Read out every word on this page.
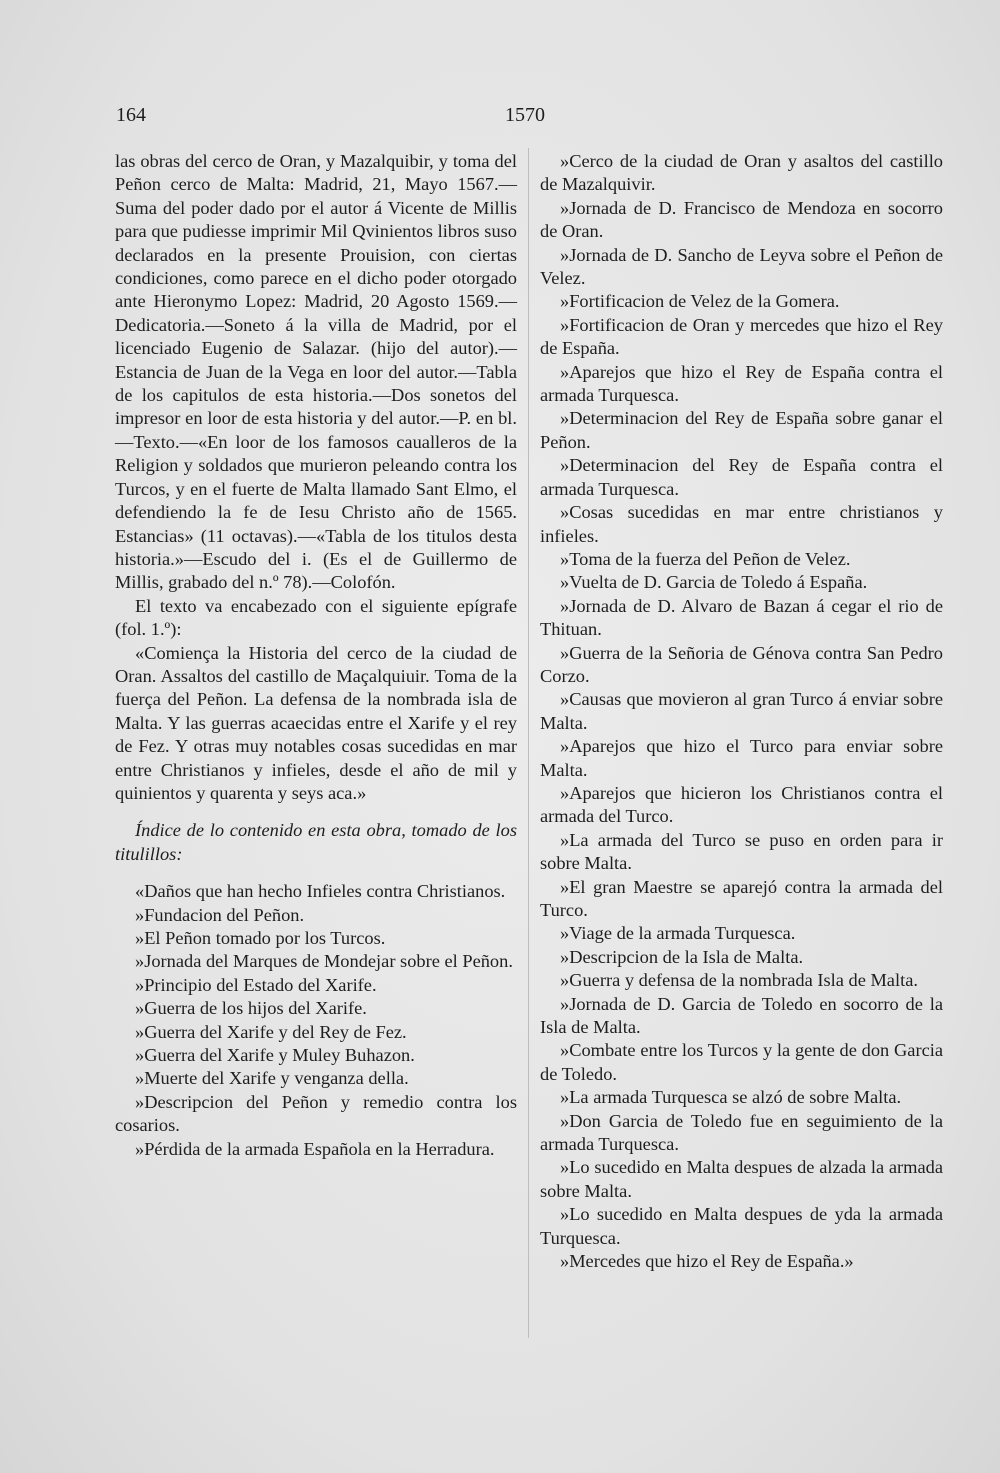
164	1570

las obras del cerco de Oran, y Mazalquibir, y toma del Peñon cerco de Malta: Madrid, 21, Mayo 1567.—Suma del poder dado por el autor á Vicente de Millis para que pudiesse imprimir Mil Qvinientos libros suso declarados en la presente Prouision, con ciertas condiciones, como parece en el dicho poder otorgado ante Hieronymo Lopez: Madrid, 20 Agosto 1569.—Dedicatoria.—Soneto á la villa de Madrid, por el licenciado Eugenio de Salazar. (hijo del autor).—Estancia de Juan de la Vega en loor del autor.—Tabla de los capitulos de esta historia.—Dos sonetos del impresor en loor de esta historia y del autor.—P. en bl.—Texto.—«En loor de los famosos caualleros de la Religion y soldados que murieron peleando contra los Turcos, y en el fuerte de Malta llamado Sant Elmo, el defendiendo la fe de Iesu Christo año de 1565. Estancias» (11 octavas).—«Tabla de los titulos desta historia.»—Escudo del i. (Es el de Guillermo de Millis, grabado del n.º 78).—Colofón.

El texto va encabezado con el siguiente epígrafe (fol. 1.º):

«Comiença la Historia del cerco de la ciudad de Oran. Assaltos del castillo de Maçalquiuir. Toma de la fuerça del Peñon. La defensa de la nombrada isla de Malta. Y las guerras acaecidas entre el Xarife y el rey de Fez. Y otras muy notables cosas sucedidas en mar entre Christianos y infieles, desde el año de mil y quinientos y quarenta y seys aca.»

Índice de lo contenido en esta obra, tomado de los titulillos:

«Daños que han hecho Infieles contra Christianos.

»Fundacion del Peñon.

»El Peñon tomado por los Turcos.

»Jornada del Marques de Mondejar sobre el Peñon.

»Principio del Estado del Xarife.

»Guerra de los hijos del Xarife.

»Guerra del Xarife y del Rey de Fez.

»Guerra del Xarife y Muley Buhazon.

»Muerte del Xarife y venganza della.

»Descripcion del Peñon y remedio contra los cosarios.

»Pérdida de la armada Española en la Herradura.

»Cerco de la ciudad de Oran y asaltos del castillo de Mazalquivir.

»Jornada de D. Francisco de Mendoza en socorro de Oran.

»Jornada de D. Sancho de Leyva sobre el Peñon de Velez.

»Fortificacion de Velez de la Gomera.

»Fortificacion de Oran y mercedes que hizo el Rey de España.

»Aparejos que hizo el Rey de España contra el armada Turquesca.

»Determinacion del Rey de España sobre ganar el Peñon.

»Determinacion del Rey de España contra el armada Turquesca.

»Cosas sucedidas en mar entre christianos y infieles.

»Toma de la fuerza del Peñon de Velez.

»Vuelta de D. Garcia de Toledo á España.

»Jornada de D. Alvaro de Bazan á cegar el rio de Thituan.

»Guerra de la Señoria de Génova contra San Pedro Corzo.

»Causas que movieron al gran Turco á enviar sobre Malta.

»Aparejos que hizo el Turco para enviar sobre Malta.

»Aparejos que hicieron los Christianos contra el armada del Turco.

»La armada del Turco se puso en orden para ir sobre Malta.

»El gran Maestre se aparejó contra la armada del Turco.

»Viage de la armada Turquesca.

»Descripcion de la Isla de Malta.

»Guerra y defensa de la nombrada Isla de Malta.

»Jornada de D. Garcia de Toledo en socorro de la Isla de Malta.

»Combate entre los Turcos y la gente de don Garcia de Toledo.

»La armada Turquesca se alzó de sobre Malta.

»Don Garcia de Toledo fue en seguimiento de la armada Turquesca.

»Lo sucedido en Malta despues de alzada la armada sobre Malta.

»Lo sucedido en Malta despues de yda la armada Turquesca.

»Mercedes que hizo el Rey de España.»
